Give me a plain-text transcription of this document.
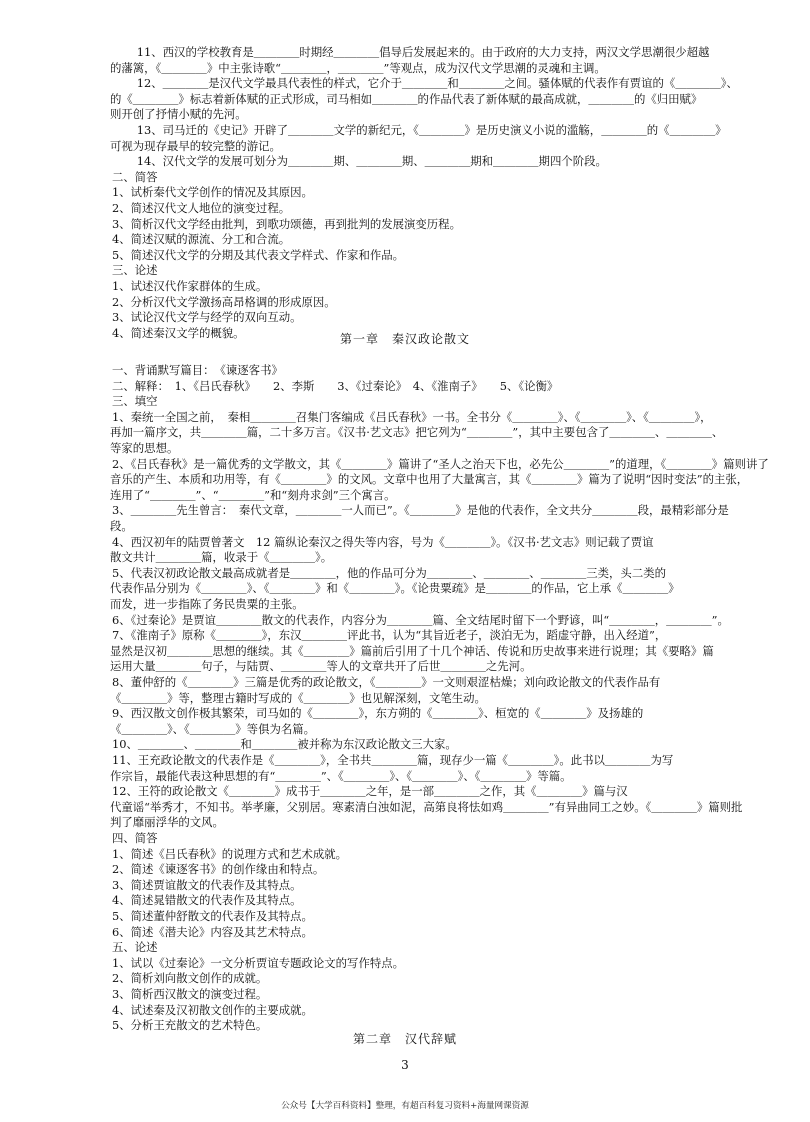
　　11、西汉的学校教育是＿＿＿＿时期经＿＿＿＿倡导后发展起来的。由于政府的大力支持，两汉文学思潮很少超越
的藩篱，《＿＿＿＿》中主张诗歌“＿＿＿＿，＿＿＿＿”等观点，成为汉代文学思潮的灵魂和主调。
　　12、＿＿＿＿是汉代文学最具代表性的样式，它介于＿＿＿＿和＿＿＿＿之间。骚体赋的代表作有贾谊的《＿＿＿＿》、
的《＿＿＿＿》标志着新体赋的正式形成，司马相如＿＿＿＿的作品代表了新体赋的最高成就，＿＿＿＿的《归田赋》
则开创了抒情小赋的先河。
　　13、司马迁的《史记》开辟了＿＿＿＿文学的新纪元，《＿＿＿＿》是历史演义小说的滥觞，＿＿＿＿的《＿＿＿＿》
可视为现存最早的较完整的游记。
　　14、汉代文学的发展可划分为＿＿＿＿期、＿＿＿＿期、＿＿＿＿期和＿＿＿＿期四个阶段。
二、简答
1、试析秦代文学创作的情况及其原因。
2、简述汉代文人地位的演变过程。
3、简析汉代文学经由批判，到歌功颂德，再到批判的发展演变历程。
4、简述汉赋的源流、分工和合流。
5、简述汉代文学的分期及其代表文学样式、作家和作品。
三、论述
1、试述汉代作家群体的生成。
2、分析汉代文学激扬高昂格调的形成原因。
3、试论汉代文学与经学的双向互动。
4、简述秦汉文学的概貌。
一、背诵默写篇目：　《谏逐客书》
二、解释：　1、《吕氏春秋》　　2、李斯　　3、《过秦论》　4、《淮南子》　　5、《论衡》
三、填空
1、秦统一全国之前，　秦相＿＿＿＿召集门客编成《吕氏春秋》一书。全书分《＿＿＿＿》、《＿＿＿＿》、《＿＿＿＿》，
再加一篇序文，共＿＿＿＿篇，二十多万言。《汉书·艺文志》把它列为“＿＿＿＿”，其中主要包含了＿＿＿＿、＿＿＿＿、
等家的思想。
2、《吕氏春秋》是一篇优秀的文学散文，其《＿＿＿＿》篇讲了“圣人之治天下也，必先公＿＿＿＿”的道理，《＿＿＿＿》篇则讲了
音乐的产生、本质和功用等，有《＿＿＿＿》的文风。文章中也用了大量寓言，其《＿＿＿＿》篇为了说明“因时变法”的主张，
连用了“＿＿＿＿”、“＿＿＿＿”和“刻舟求剑”三个寓言。
3、＿＿＿＿先生曾言：　秦代文章，＿＿＿＿一人而已”。《＿＿＿＿》是他的代表作，全文共分＿＿＿＿段，最精彩部分是
段。
4、西汉初年的陆贾曾著文　12 篇纵论秦汉之得失等内容，号为《＿＿＿＿》。《汉书·艺文志》则记载了贾谊
散文共计＿＿＿＿篇，收录于《＿＿＿＿》。
5、代表汉初政论散文最高成就者是＿＿＿＿，他的作品可分为＿＿＿＿、＿＿＿＿、＿＿＿＿三类，头二类的
代表作品分别为《＿＿＿＿》、《＿＿＿＿》和《＿＿＿＿》。《论贵粟疏》是＿＿＿＿的作品，它上承《＿＿＿＿》
而发，进一步指陈了务民贵粟的主张。
6、《过秦论》是贾谊＿＿＿＿散文的代表作，内容分为＿＿＿＿篇、全文结尾时留下一个野谚，叫“＿＿＿＿，＿＿＿＿”。
7、《淮南子》原称《＿＿＿＿》，东汉＿＿＿＿评此书，认为“其旨近老子，淡泊无为，蹈虚守静，出入经道”，
显然是汉初＿＿＿＿思想的继续。其《＿＿＿＿》篇前后引用了十几个神话、传说和历史故事来进行说理；其《要略》篇
运用大量＿＿＿＿句子，与陆贾、＿＿＿＿等人的文章共开了后世＿＿＿＿之先河。
8、董仲舒的《＿＿＿＿》三篇是优秀的政论散文，《＿＿＿＿》一文则艰涩枯燥；刘向政论散文的代表作品有
《＿＿＿＿》等，整理古籍时写成的《＿＿＿＿》也见解深刻，文笔生动。
9、西汉散文创作极其繁荣，司马如的《＿＿＿＿》，东方朔的《＿＿＿＿》、桓宽的《＿＿＿＿》及扬雄的
《＿＿＿＿》、《＿＿＿＿》等俱为名篇。
10、＿＿＿＿、＿＿＿＿和＿＿＿＿被并称为东汉政论散文三大家。
11、王充政论散文的代表作是《＿＿＿＿》，全书共＿＿＿＿篇，现存少一篇《＿＿＿＿》。此书以＿＿＿＿为写
作宗旨，最能代表这种思想的有“＿＿＿＿”、《＿＿＿＿》、《＿＿＿＿》、《＿＿＿＿》等篇。
12、王符的政论散文《＿＿＿＿》成书于＿＿＿＿之年，是一部＿＿＿＿之作，其《＿＿＿＿》篇与汉
代童谣“举秀才，不知书。举孝廉，父别居。寒素清白浊如泥，高第良将怯如鸡＿＿＿＿”有异曲同工之妙。《＿＿＿＿》篇则批
判了靡丽浮华的文风。
四、简答
1、简述《吕氏春秋》的说理方式和艺术成就。
2、简述《谏逐客书》的创作缘由和特点。
3、简述贾谊散文的代表作及其特点。
4、简述晁错散文的代表作及其特点。
5、简述董仲舒散文的代表作及其特点。
6、简述《潜夫论》内容及其艺术特点。
五、论述
1、试以《过秦论》一文分析贾谊专题政论文的写作特点。
2、简析刘向散文创作的成就。
3、简析西汉散文的演变过程。
4、试述秦及汉初散文创作的主要成就。
5、分析王充散文的艺术特色。
第一章　秦汉政论散文
第二章　汉代辞赋
3
公众号【大学百科资料】整理，有超百科复习资料+海量网课资源
